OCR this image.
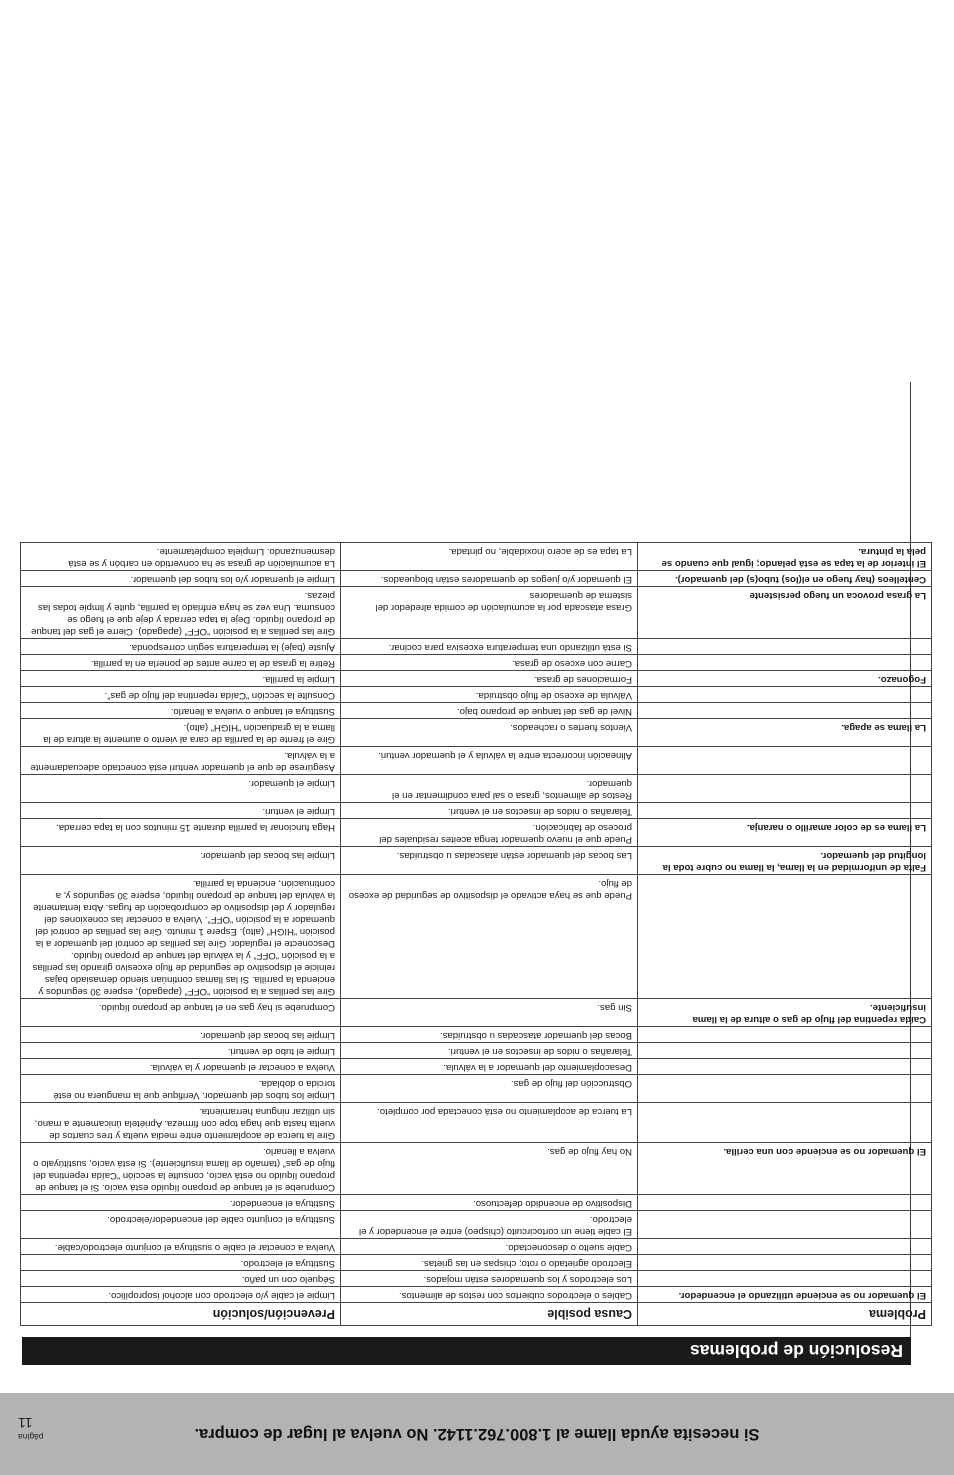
Si necesita ayuda llame al 1.800.762.1142. No vuelva al lugar de compra.
página
11
Resolución de problemas
Problema	Causa posible	Prevención/solución
El quemador no se enciende utilizando el encendedor.	Cables o electrodos cubiertos con restos de alimentos.	Limpie el cable y/o electrodo con alcohol isopropílico.
	Los electrodos y los quemadores están mojados.	Séquelo con un paño.
	Electrodo agrietado o roto; chispas en las grietas.	Sustituya el electrodo.
	Cable suelto o desconectado.	Vuelva a conectar el cable o sustituya el conjunto electrodo/cable.
	El cable tiene un cortocircuito (chispeo) entre el encendedor y el electrodo.	Sustituya el conjunto cable del encendedor/electrodo.
	Dispositivo de encendido defectuoso.	Sustituya el encendedor.
El quemador no se enciende con una cerilla.	No hay flujo de gas.	Compruebe si el tanque de propano líquido está vacío. Si el tanque de propano líquido no está vacío, consulte la sección “Caída repentina del flujo de gas” (tamaño de llama insuficiente). Si está vacío, sustitúyalo o vuelva a llenarlo.
	La tuerca de acoplamiento no está conectada por completo.	Gire la tuerca de acoplamiento entre media vuelta y tres cuartos de vuelta hasta que haga tope con firmeza. Apriétela únicamente a mano, sin utilizar ninguna herramienta.
	Obstrucción del flujo de gas.	Limpie los tubos del quemador. Verifique que la manguera no esté torcida o doblada.
	Desacoplamiento del quemador a la válvula.	Vuelva a conectar el quemador y la válvula.
	Telarañas o nidos de insectos en el venturi.	Limpie el tubo de venturi.
	Bocas del quemador atascadas u obstruidas.	Limpie las bocas del quemador.
Caída repentina del flujo de gas o altura de la llama insuficiente.	Sin gas.	Compruebe si hay gas en el tanque de propano líquido.
	Puede que se haya activado el dispositivo de seguridad de exceso de flujo.	Gire las perillas a la posición “OFF” (apagado), espere 30 segundos y encienda la parrilla. Si las llamas continúan siendo demasiado bajas reinicie el dispositivo de seguridad de flujo excesivo girando las perillas a la posición “OFF” y la válvula del tanque de propano líquido. Desconecte el regulador. Gire las perillas de control del quemador a la posición “HIGH” (alto). Espere 1 minuto. Gire las perillas de control del quemador a la posición “OFF”. Vuelva a conectar las conexiones del regulador y del dispositivo de comprobación de fugas. Abra lentamente la válvula del tanque de propano líquido, espere 30 segundos y, a continuación, encienda la parrilla.
Falta de uniformidad en la llama, la llama no cubre toda la longitud del quemador.	Las bocas del quemador están atascadas u obstruidas.	Limpie las bocas del quemador.
La llama es de color amarillo o naranja.	Puede que el nuevo quemador tenga aceites residuales del proceso de fabricación.	Haga funcionar la parrilla durante 15 minutos con la tapa cerrada.
	Telarañas o nidos de insectos en el venturi.	Limpie el venturi.
	Restos de alimentos, grasa o sal para condimentar en el quemador.	Limpie el quemador.
	Alineación incorrecta entre la válvula y el quemador venturi.	Asegúrese de que el quemador venturi está conectado adecuadamente a la válvula.
La llama se apaga.	Vientos fuertes o racheados.	Gire el frente de la parrilla de cara al viento o aumente la altura de la llama a la graduación “HIGH” (alto).
	Nivel de gas del tanque de propano bajo.	Sustituya el tanque o vuelva a llenarlo.
	Válvula de exceso de flujo obstruida.	Consulte la sección “Caída repentina del flujo de gas”.
Fogonazo.	Formaciones de grasa.	Limpie la parrilla.
	Carne con exceso de grasa.	Retire la grasa de la carne antes de ponerla en la parrilla.
	Si está utilizando una temperatura excesiva para cocinar.	Ajuste (baje) la temperatura según corresponda.
La grasa provoca un fuego persistente	Grasa atascada por la acumulación de comida alrededor del sistema de quemadores	Gire las perillas a la posición “OFF” (apagado). Cierre el gas del tanque de propano líquido. Deje la tapa cerrada y deje que el fuego se consuma. Una vez se haya enfriado la parrilla, quite y limpie todas las piezas.
Centelleos (hay fuego en el(los) tubo(s) del quemador).	El quemador y/o juegos de quemadores están bloqueados.	Limpie el quemador y/o los tubos del quemador.
El interior de la tapa se está pelando; igual que cuando se pela la pintura.	La tapa es de acero inoxidable, no pintada.	La acumulación de grasa se ha convertido en carbón y se está desmenuzando. Límpiela completamente.
